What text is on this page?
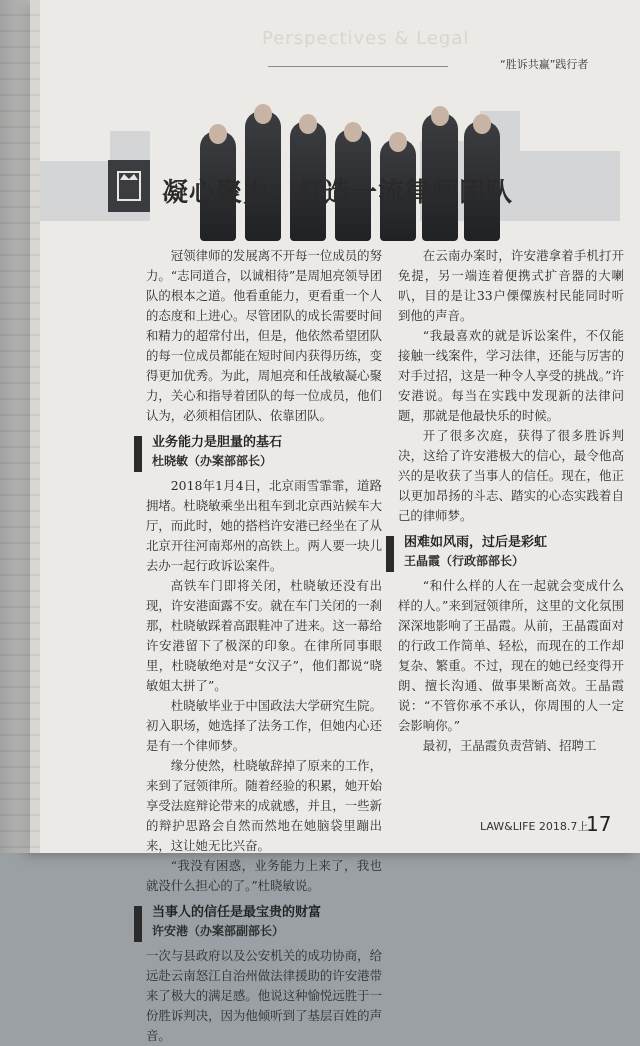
Perspectives & Legal
“胜诉共赢”践行者
凝心聚力，打造一流律师团队

冠领律师的发展离不开每一位成员的努力。“志同道合，以诚相待”是周旭亮领导团队的根本之道。他看重能力，更看重一个人的态度和上进心。尽管团队的成长需要时间和精力的超常付出，但是，他依然希望团队的每一位成员都能在短时间内获得历练，变得更加优秀。为此，周旭亮和任战敏凝心聚力，关心和指导着团队的每一位成员，他们认为，必须相信团队、依靠团队。

业务能力是胆量的基石
杜晓敏（办案部部长）

2018年1月4日，北京雨雪霏霏，道路拥堵。杜晓敏乘坐出租车到北京西站候车大厅，而此时，她的搭档许安港已经坐在了从北京开往河南郑州的高铁上。两人要一块儿去办一起行政诉讼案件。

高铁车门即将关闭，杜晓敏还没有出现，许安港面露不安。就在车门关闭的一刹那，杜晓敏踩着高跟鞋冲了进来。这一幕给许安港留下了极深的印象。在律所同事眼里，杜晓敏绝对是“女汉子”，他们都说“晓敏姐太拼了”。

杜晓敏毕业于中国政法大学研究生院。初入职场，她选择了法务工作，但她内心还是有一个律师梦。

缘分使然，杜晓敏辞掉了原来的工作，来到了冠领律所。随着经验的积累，她开始享受法庭辩论带来的成就感，并且，一些新的辩护思路会自然而然地在她脑袋里蹦出来，这让她无比兴奋。

“我没有困惑，业务能力上来了，我也就没什么担心的了。”杜晓敏说。

当事人的信任是最宝贵的财富
许安港（办案部副部长）

一次与县政府以及公安机关的成功协商，给远赴云南怒江自治州做法律援助的许安港带来了极大的满足感。他说这种愉悦远胜于一份胜诉判决，因为他倾听到了基层百姓的声音。

在云南办案时，许安港拿着手机打开免提，另一端连着便携式扩音器的大喇叭，目的是让33户傈僳族村民能同时听到他的声音。

“我最喜欢的就是诉讼案件，不仅能接触一线案件，学习法律，还能与厉害的对手过招，这是一种令人享受的挑战。”许安港说。每当在实践中发现新的法律问题，那就是他最快乐的时候。

开了很多次庭，获得了很多胜诉判决，这给了许安港极大的信心，最令他高兴的是收获了当事人的信任。现在，他正以更加昂扬的斗志、踏实的心态实践着自己的律师梦。

困难如风雨，过后是彩虹
王晶霞（行政部部长）

“和什么样的人在一起就会变成什么样的人。”来到冠领律所，这里的文化氛围深深地影响了王晶霞。从前，王晶霞面对的行政工作简单、轻松，而现在的工作却复杂、繁重。不过，现在的她已经变得开朗、擅长沟通、做事果断高效。王晶霞说：“不管你承不承认，你周围的人一定会影响你。”

最初，王晶霞负责营销、招聘工

LAW&LIFE 2018.7上
17
